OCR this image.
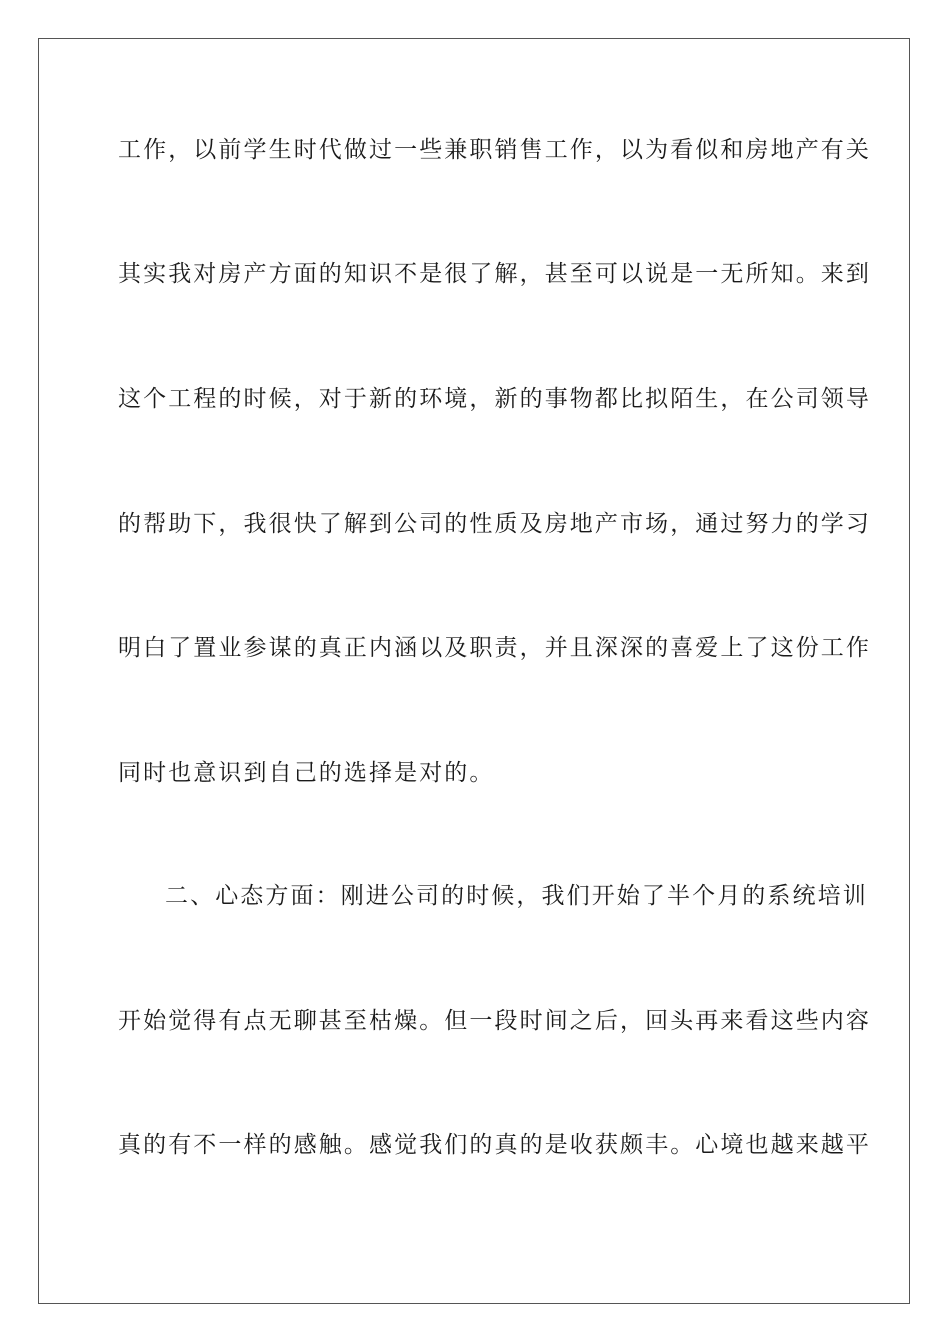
工作，以前学生时代做过一些兼职销售工作，以为看似和房地产有关
其实我对房产方面的知识不是很了解，甚至可以说是一无所知。来到
这个工程的时候，对于新的环境，新的事物都比拟陌生，在公司领导
的帮助下，我很快了解到公司的性质及房地产市场，通过努力的学习
明白了置业参谋的真正内涵以及职责，并且深深的喜爱上了这份工作
同时也意识到自己的选择是对的。
二、心态方面：刚进公司的时候，我们开始了半个月的系统培训
开始觉得有点无聊甚至枯燥。但一段时间之后，回头再来看这些内容
真的有不一样的感触。感觉我们的真的是收获颇丰。心境也越来越平
